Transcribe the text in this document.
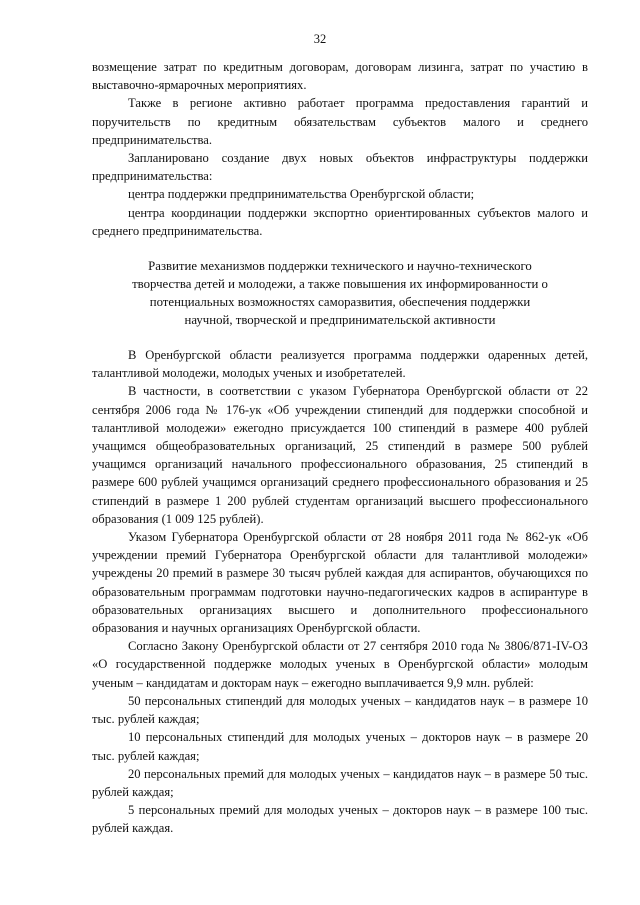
32

возмещение затрат по кредитным договорам, договорам лизинга, затрат по участию в выставочно-ярмарочных мероприятиях.

Также в регионе активно работает программа предоставления гарантий и поручительств по кредитным обязательствам субъектов малого и среднего предпринимательства.

Запланировано создание двух новых объектов инфраструктуры поддержки предпринимательства:

центра поддержки предпринимательства Оренбургской области;

центра координации поддержки экспортно ориентированных субъектов малого и среднего предпринимательства.

Развитие механизмов поддержки технического и научно-технического
творчества детей и молодежи, а также повышения их информированности о
потенциальных возможностях саморазвития, обеспечения поддержки
научной, творческой и предпринимательской активности

В Оренбургской области реализуется программа поддержки одаренных детей, талантливой молодежи, молодых ученых и изобретателей.

В частности, в соответствии с указом Губернатора Оренбургской области от 22 сентября 2006 года № 176-ук «Об учреждении стипендий для поддержки способной и талантливой молодежи» ежегодно присуждается 100 стипендий в размере 400 рублей учащимся общеобразовательных организаций, 25 стипендий в размере 500 рублей учащимся организаций начального профессионального образования, 25 стипендий в размере 600 рублей учащимся организаций среднего профессионального образования и 25 стипендий в размере 1 200 рублей студентам организаций высшего профессионального образования (1 009 125 рублей).

Указом Губернатора Оренбургской области от 28 ноября 2011 года № 862-ук «Об учреждении премий Губернатора Оренбургской области для талантливой молодежи» учреждены 20 премий в размере 30 тысяч рублей каждая для аспирантов, обучающихся по образовательным программам подготовки научно-педагогических кадров в аспирантуре в образовательных организациях высшего и дополнительного профессионального образования и научных организациях Оренбургской области.

Согласно Закону Оренбургской области от 27 сентября 2010 года № 3806/871-IV-ОЗ «О государственной поддержке молодых ученых в Оренбургской области» молодым ученым – кандидатам и докторам наук – ежегодно выплачивается 9,9 млн. рублей:

50 персональных стипендий для молодых ученых – кандидатов наук – в размере 10 тыс. рублей каждая;

10 персональных стипендий для молодых ученых – докторов наук – в размере 20 тыс. рублей каждая;

20 персональных премий для молодых ученых – кандидатов наук – в размере 50 тыс. рублей каждая;

5 персональных премий для молодых ученых – докторов наук – в размере 100 тыс. рублей каждая.
